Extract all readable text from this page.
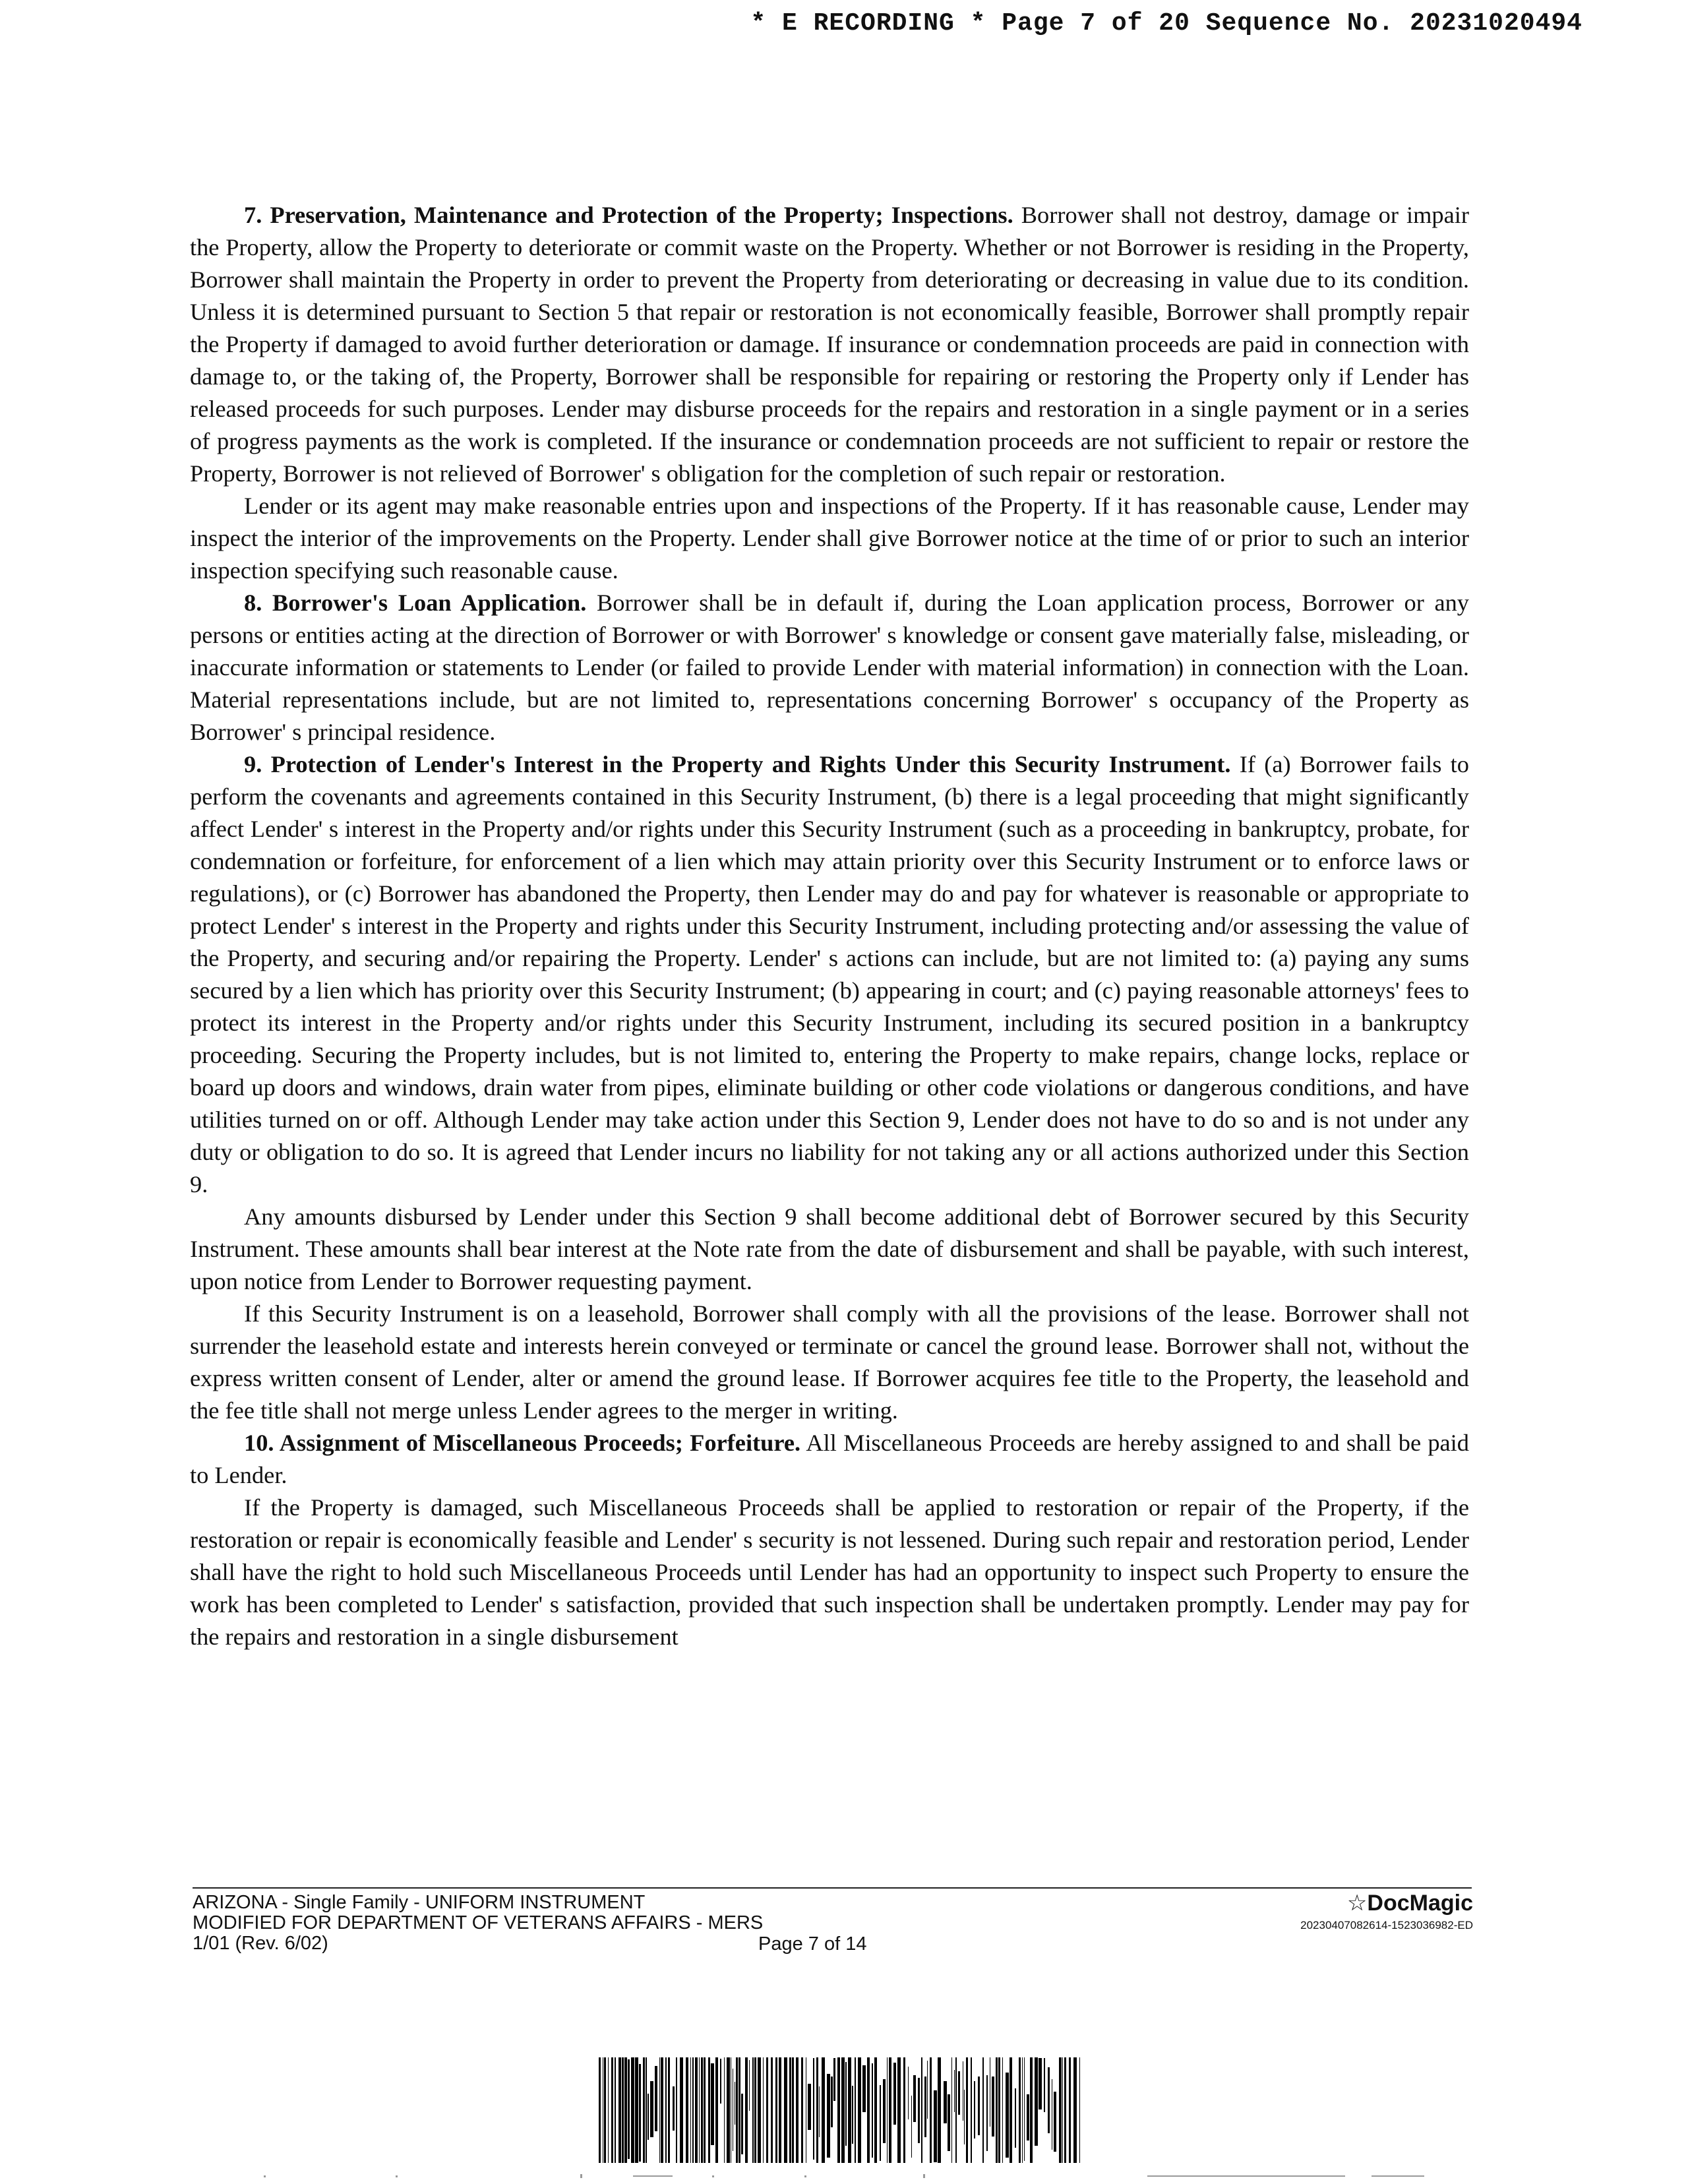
* E RECORDING * Page 7 of 20 Sequence No. 20231020494

7. Preservation, Maintenance and Protection of the Property; Inspections. Borrower shall not destroy, damage or impair the Property, allow the Property to deteriorate or commit waste on the Property. Whether or not Borrower is residing in the Property, Borrower shall maintain the Property in order to prevent the Property from deteriorating or decreasing in value due to its condition. Unless it is determined pursuant to Section 5 that repair or restoration is not economically feasible, Borrower shall promptly repair the Property if damaged to avoid further deterioration or damage. If insurance or condemnation proceeds are paid in connection with damage to, or the taking of, the Property, Borrower shall be responsible for repairing or restoring the Property only if Lender has released proceeds for such purposes. Lender may disburse proceeds for the repairs and restoration in a single payment or in a series of progress payments as the work is completed. If the insurance or condemnation proceeds are not sufficient to repair or restore the Property, Borrower is not relieved of Borrower' s obligation for the completion of such repair or restoration.

Lender or its agent may make reasonable entries upon and inspections of the Property. If it has reasonable cause, Lender may inspect the interior of the improvements on the Property. Lender shall give Borrower notice at the time of or prior to such an interior inspection specifying such reasonable cause.

8. Borrower's Loan Application. Borrower shall be in default if, during the Loan application process, Borrower or any persons or entities acting at the direction of Borrower or with Borrower' s knowledge or consent gave materially false, misleading, or inaccurate information or statements to Lender (or failed to provide Lender with material information) in connection with the Loan. Material representations include, but are not limited to, representations concerning Borrower' s occupancy of the Property as Borrower' s principal residence.

9. Protection of Lender's Interest in the Property and Rights Under this Security Instrument. If (a) Borrower fails to perform the covenants and agreements contained in this Security Instrument, (b) there is a legal proceeding that might significantly affect Lender' s interest in the Property and/or rights under this Security Instrument (such as a proceeding in bankruptcy, probate, for condemnation or forfeiture, for enforcement of a lien which may attain priority over this Security Instrument or to enforce laws or regulations), or (c) Borrower has abandoned the Property, then Lender may do and pay for whatever is reasonable or appropriate to protect Lender' s interest in the Property and rights under this Security Instrument, including protecting and/or assessing the value of the Property, and securing and/or repairing the Property. Lender' s actions can include, but are not limited to: (a) paying any sums secured by a lien which has priority over this Security Instrument; (b) appearing in court; and (c) paying reasonable attorneys' fees to protect its interest in the Property and/or rights under this Security Instrument, including its secured position in a bankruptcy proceeding. Securing the Property includes, but is not limited to, entering the Property to make repairs, change locks, replace or board up doors and windows, drain water from pipes, eliminate building or other code violations or dangerous conditions, and have utilities turned on or off. Although Lender may take action under this Section 9, Lender does not have to do so and is not under any duty or obligation to do so. It is agreed that Lender incurs no liability for not taking any or all actions authorized under this Section 9.

Any amounts disbursed by Lender under this Section 9 shall become additional debt of Borrower secured by this Security Instrument. These amounts shall bear interest at the Note rate from the date of disbursement and shall be payable, with such interest, upon notice from Lender to Borrower requesting payment.

If this Security Instrument is on a leasehold, Borrower shall comply with all the provisions of the lease. Borrower shall not surrender the leasehold estate and interests herein conveyed or terminate or cancel the ground lease. Borrower shall not, without the express written consent of Lender, alter or amend the ground lease. If Borrower acquires fee title to the Property, the leasehold and the fee title shall not merge unless Lender agrees to the merger in writing.

10. Assignment of Miscellaneous Proceeds; Forfeiture. All Miscellaneous Proceeds are hereby assigned to and shall be paid to Lender.

If the Property is damaged, such Miscellaneous Proceeds shall be applied to restoration or repair of the Property, if the restoration or repair is economically feasible and Lender' s security is not lessened. During such repair and restoration period, Lender shall have the right to hold such Miscellaneous Proceeds until Lender has had an opportunity to inspect such Property to ensure the work has been completed to Lender' s satisfaction, provided that such inspection shall be undertaken promptly. Lender may pay for the repairs and restoration in a single disbursement

ARIZONA - Single Family - UNIFORM INSTRUMENT
MODIFIED FOR DEPARTMENT OF VETERANS AFFAIRS - MERS
1/01 (Rev. 6/02)	Page 7 of 14
☆DocMagic
20230407082614-1523036982-ED
